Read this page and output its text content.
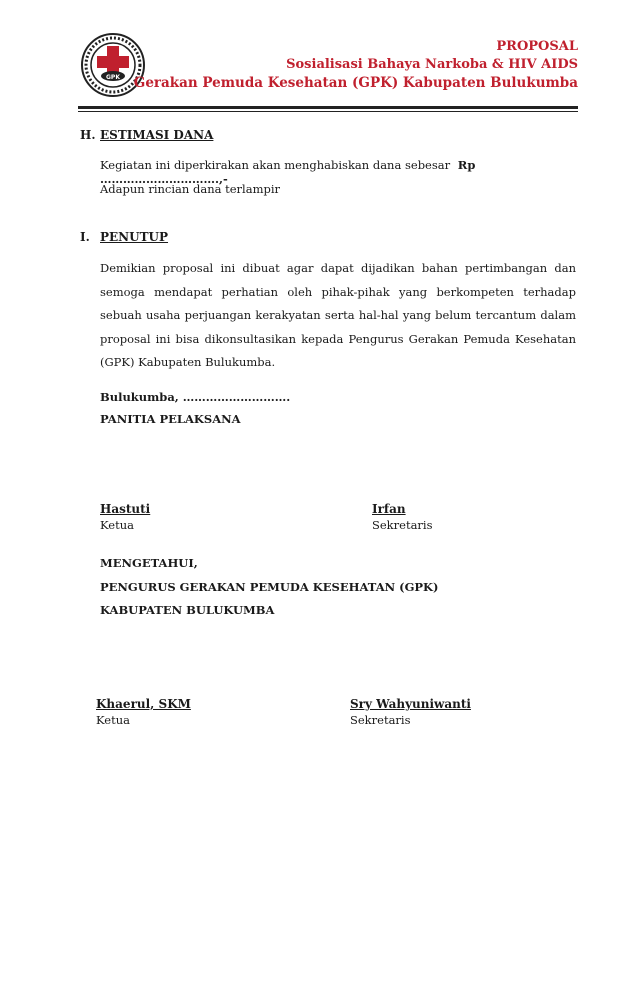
GPK
PROPOSAL
Sosialisasi Bahaya Narkoba & HIV AIDS
Gerakan Pemuda Kesehatan (GPK) Kabupaten Bulukumba
H. ESTIMASI DANA
Kegiatan ini diperkirakan akan menghabiskan dana sebesar Rp ………………………….,-
Adapun rincian dana terlampir
I. PENUTUP
Demikian proposal ini dibuat agar dapat dijadikan bahan pertimbangan dan semoga mendapat perhatian oleh pihak-pihak yang berkompeten terhadap sebuah usaha perjuangan kerakyatan serta hal-hal yang belum tercantum dalam proposal ini bisa dikonsultasikan kepada Pengurus Gerakan Pemuda Kesehatan (GPK) Kabupaten Bulukumba.
Bulukumba, ……………………….
PANITIA PELAKSANA
Hastuti
Ketua
Irfan
Sekretaris
MENGETAHUI,
PENGURUS GERAKAN PEMUDA KESEHATAN (GPK)
KABUPATEN BULUKUMBA
Khaerul, SKM
Ketua
Sry Wahyuniwanti
Sekretaris
